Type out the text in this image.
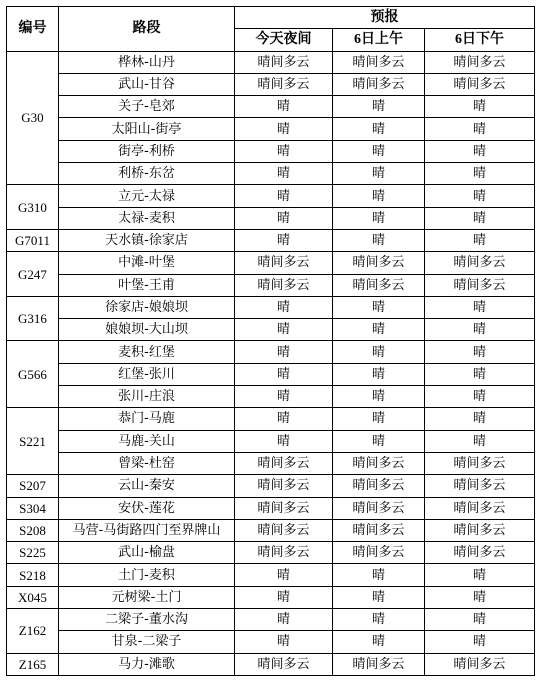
编号	路段	预报		
		今天夜间	6日上午	6日下午
G30	桦林-山丹	晴间多云	晴间多云	晴间多云
	武山-甘谷	晴间多云	晴间多云	晴间多云
	关子-皂郊	晴	晴	晴
	太阳山-街亭	晴	晴	晴
	街亭-利桥	晴	晴	晴
	利桥-东岔	晴	晴	晴
G310	立元-太禄	晴	晴	晴
	太禄-麦积	晴	晴	晴
G7011	天水镇-徐家店	晴	晴	晴
G247	中滩-叶堡	晴间多云	晴间多云	晴间多云
	叶堡-王甫	晴间多云	晴间多云	晴间多云
G316	徐家店-娘娘坝	晴	晴	晴
	娘娘坝-大山坝	晴	晴	晴
G566	麦积-红堡	晴	晴	晴
	红堡-张川	晴	晴	晴
	张川-庄浪	晴	晴	晴
S221	恭门-马鹿	晴	晴	晴
	马鹿-关山	晴	晴	晴
	曾梁-杜窑	晴间多云	晴间多云	晴间多云
S207	云山-秦安	晴间多云	晴间多云	晴间多云
S304	安伏-莲花	晴间多云	晴间多云	晴间多云
S208	马营-马街路四门至界牌山	晴间多云	晴间多云	晴间多云
S225	武山-榆盘	晴间多云	晴间多云	晴间多云
S218	土门-麦积	晴	晴	晴
X045	元树梁-土门	晴	晴	晴
Z162	二梁子-董水沟	晴	晴	晴
	甘泉-二梁子	晴	晴	晴
Z165	马力-滩歌	晴间多云	晴间多云	晴间多云
